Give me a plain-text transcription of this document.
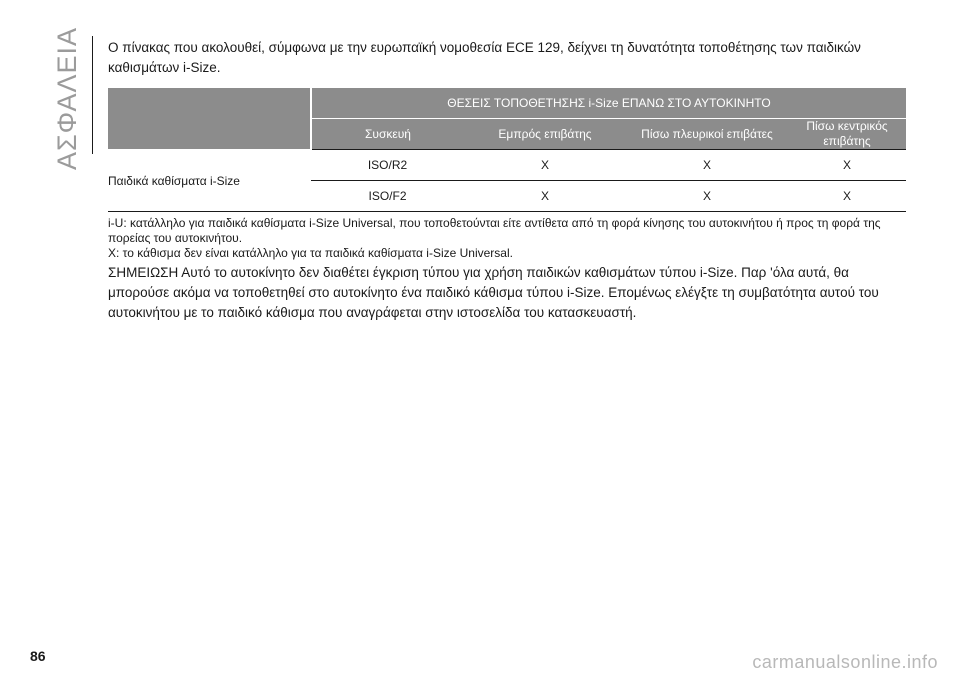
ΑΣΦΑΛΕΙΑ Ο πίνακας που ακολουθεί, σύμφωνα με την ευρωπαϊκή νομοθεσία ECE 129, δείχνει τη δυνατότητα τοποθέτησης των παιδικών καθισμάτων i-Size.

	ΘΕΣΕΙΣ ΤΟΠΟΘΕΤΗΣΗΣ i-Size ΕΠΑΝΩ ΣΤΟ ΑΥΤΟΚΙΝΗΤΟ			
	Συσκευή	Εμπρός επιβάτης	Πίσω πλευρικοί επιβάτες	Πίσω κεντρικός επιβάτης
Παιδικά καθίσματα i-Size	ISO/R2	X	X	X
	ISO/F2	X	X	X

i-U: κατάλληλο για παιδικά καθίσματα i-Size Universal, που τοποθετούνται είτε αντίθετα από τη φορά κίνησης του αυτοκινήτου ή προς τη φορά της πορείας του αυτοκινήτου.

X: το κάθισμα δεν είναι κατάλληλο για τα παιδικά καθίσματα i-Size Universal.

ΣΗΜΕΙΩΣΗ Αυτό το αυτοκίνητο δεν διαθέτει έγκριση τύπου για χρήση παιδικών καθισμάτων τύπου i-Size. Παρ 'όλα αυτά, θα μπορούσε ακόμα να τοποθετηθεί στο αυτοκίνητο ένα παιδικό κάθισμα τύπου i-Size. Επομένως ελέγξτε τη συμβατότητα αυτού του αυτοκινήτου με το παιδικό κάθισμα που αναγράφεται στην ιστοσελίδα του κατασκευαστή.

86	carmanualsonline.info
